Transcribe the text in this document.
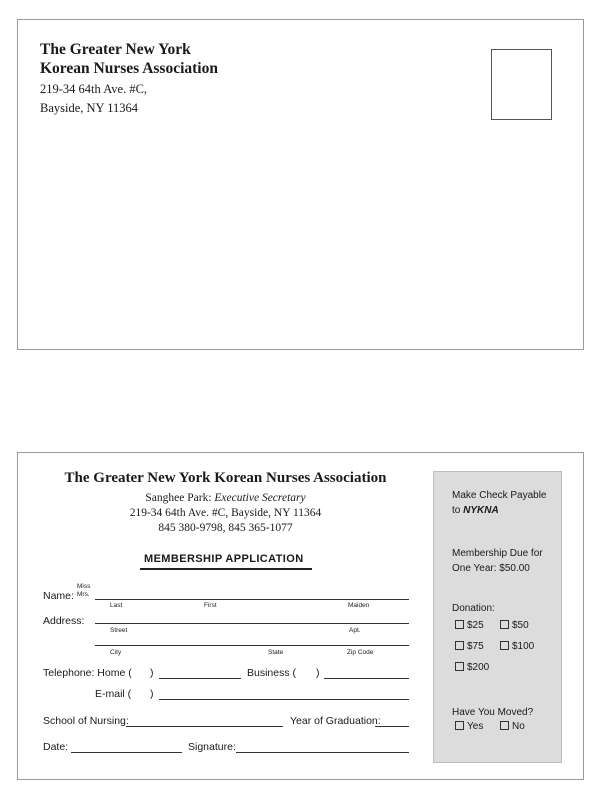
The Greater New York
Korean Nurses Association
219-34 64th Ave. #C,
Bayside, NY 11364
The Greater New York Korean Nurses Association
Sanghee Park: Executive Secretary
219-34 64th Ave. #C, Bayside, NY 11364
845 380-9798, 845 365-1077
MEMBERSHIP APPLICATION
Name:
Miss
Mrs.
Last	First	Maiden
Address:
Street	Apt.
City	State	Zip Code
Telephone: Home ( )	Business ( )
E-mail ( )
School of Nursing:	Year of Graduation:
Date:	Signature:
Make Check Payable
to NYKNA
Membership Due for
One Year: $50.00
Donation:
$25	$50
$75	$100
$200
Have You Moved?
Yes	No
